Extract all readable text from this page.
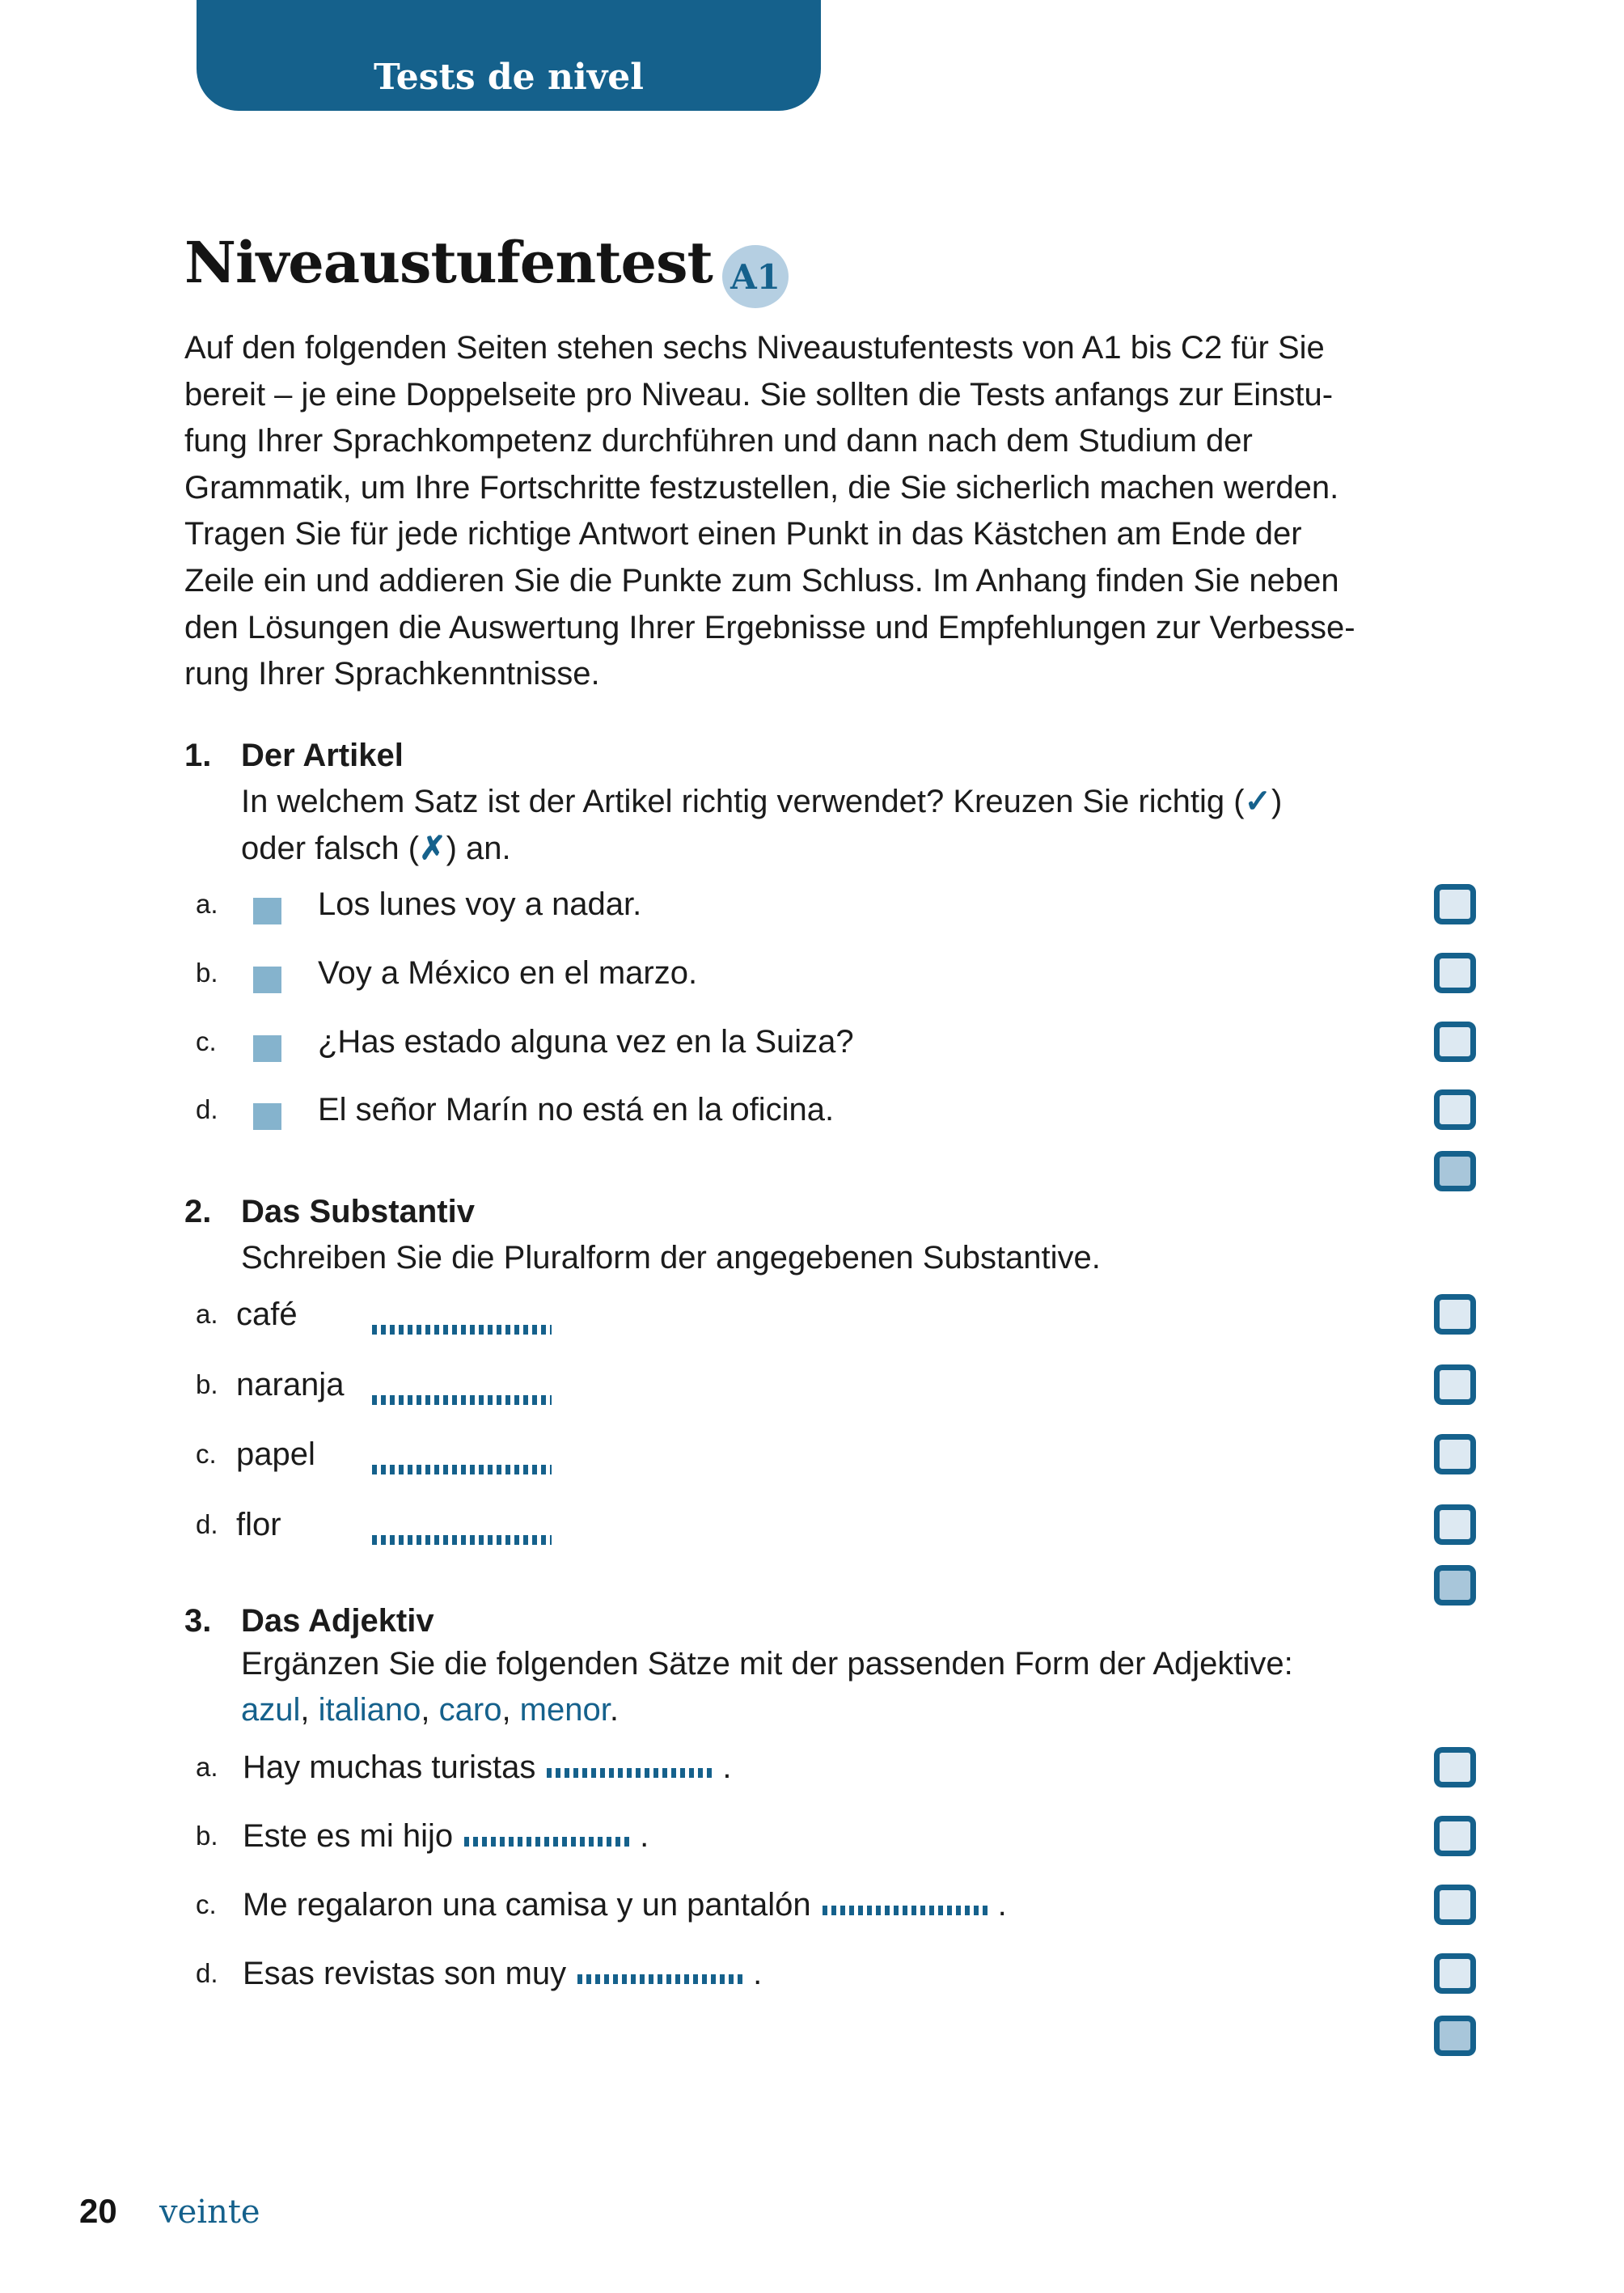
Tests de nivel
Niveaustufentest A1
Auf den folgenden Seiten stehen sechs Niveaustufentests von A1 bis C2 für Sie
bereit – je eine Doppelseite pro Niveau. Sie sollten die Tests anfangs zur Einstu-
fung Ihrer Sprachkompetenz durchführen und dann nach dem Studium der
Grammatik, um Ihre Fortschritte festzustellen, die Sie sicherlich machen werden.
Tragen Sie für jede richtige Antwort einen Punkt in das Kästchen am Ende der
Zeile ein und addieren Sie die Punkte zum Schluss. Im Anhang finden Sie neben
den Lösungen die Auswertung Ihrer Ergebnisse und Empfehlungen zur Verbesse-
rung Ihrer Sprachkenntnisse.
1. Der Artikel
In welchem Satz ist der Artikel richtig verwendet? Kreuzen Sie richtig (✓)
oder falsch (✗) an.
a.	Los lunes voy a nadar.
b.	Voy a México en el marzo.
c.	¿Has estado alguna vez en la Suiza?
d.	El señor Marín no está en la oficina.
2. Das Substantiv
Schreiben Sie die Pluralform der angegebenen Substantive.
a. café
b. naranja
c. papel
d. flor
3. Das Adjektiv
Ergänzen Sie die folgenden Sätze mit der passenden Form der Adjektive:
azul, italiano, caro, menor.
a. Hay muchas turistas	.
b. Este es mi hijo	.
c. Me regalaron una camisa y un pantalón	.
d. Esas revistas son muy	.
20 veinte
